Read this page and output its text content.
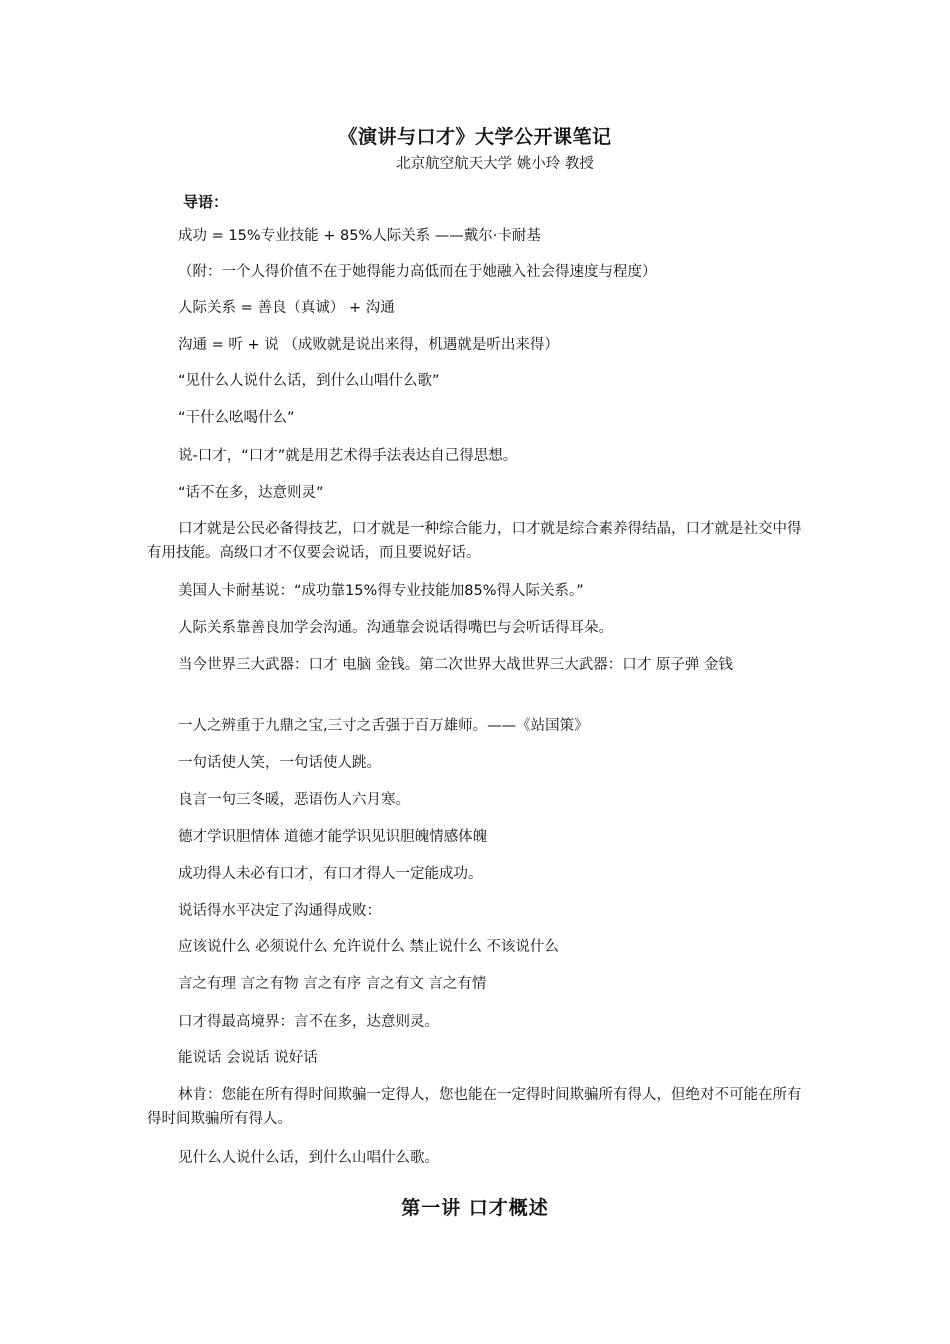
《演讲与口才》大学公开课笔记
北京航空航天大学 姚小玲 教授
导语：
成功 = 15%专业技能 + 85%人际关系 ——戴尔·卡耐基
（附：一个人得价值不在于她得能力高低而在于她融入社会得速度与程度）
人际关系 = 善良（真诚） + 沟通
沟通 = 听 + 说 （成败就是说出来得，机遇就是听出来得）
“见什么人说什么话，到什么山唱什么歌”
“干什么吆喝什么”
说-口才，“口才”就是用艺术得手法表达自己得思想。
“话不在多，达意则灵”
口才就是公民必备得技艺，口才就是一种综合能力，口才就是综合素养得结晶，口才就是社交中得有用技能。高级口才不仅要会说话，而且要说好话。
美国人卡耐基说：“成功靠15%得专业技能加85%得人际关系。”
人际关系靠善良加学会沟通。沟通靠会说话得嘴巴与会听话得耳朵。
当今世界三大武器：口才 电脑 金钱。第二次世界大战世界三大武器：口才 原子弹 金钱
一人之辨重于九鼎之宝,三寸之舌强于百万雄师。——《站国策》
一句话使人笑，一句话使人跳。
良言一句三冬暖，恶语伤人六月寒。
德才学识胆情体 道德才能学识见识胆魄情感体魄
成功得人未必有口才，有口才得人一定能成功。
说话得水平决定了沟通得成败：
应该说什么 必须说什么 允许说什么 禁止说什么 不该说什么
言之有理 言之有物 言之有序 言之有文 言之有情
口才得最高境界：言不在多，达意则灵。
能说话 会说话 说好话
林肯：您能在所有得时间欺骗一定得人，您也能在一定得时间欺骗所有得人，但绝对不可能在所有得时间欺骗所有得人。
见什么人说什么话，到什么山唱什么歌。
第一讲 口才概述
